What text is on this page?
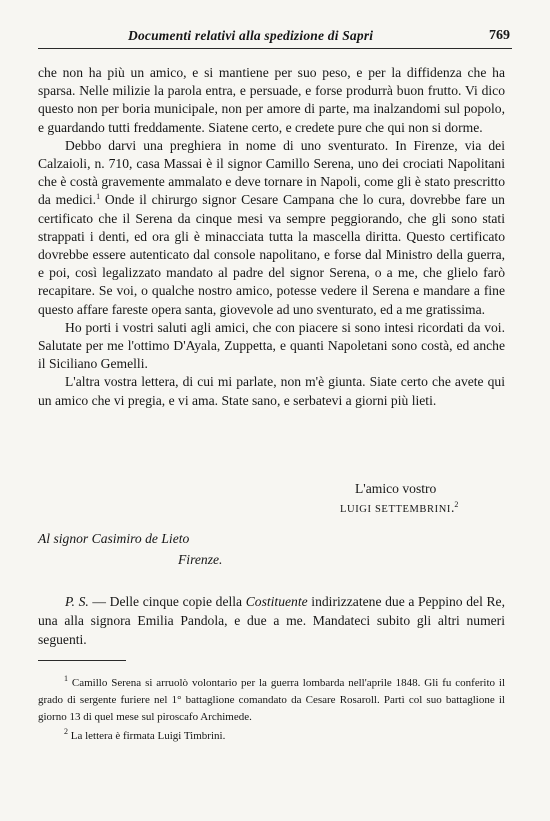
Documenti relativi alla spedizione di Sapri	769

che non ha più un amico, e si mantiene per suo peso, e per la diffidenza che ha sparsa. Nelle milizie la parola entra, e persuade, e forse produrrà buon frutto. Vi dico questo non per boria municipale, non per amore di parte, ma inalzandomi sul popolo, e guardando tutti freddamente. Siatene certo, e credete pure che qui non si dorme.

Debbo darvi una preghiera in nome di uno sventurato. In Firenze, via dei Calzaioli, n. 710, casa Massai è il signor Camillo Serena, uno dei crociati Napolitani che è costà gravemente ammalato e deve tornare in Napoli, come gli è stato prescritto da medici.$^1$ Onde il chirurgo signor Cesare Campana che lo cura, dovrebbe fare un certificato che il Serena da cinque mesi va sempre peggiorando, che gli sono stati strappati i denti, ed ora gli è minacciata tutta la mascella diritta. Questo certificato dovrebbe essere autenticato dal console napolitano, e forse dal Ministro della guerra, e poi, così legalizzato mandato al padre del signor Serena, o a me, che glielo farò recapitare. Se voi, o qualche nostro amico, potesse vedere il Serena e mandare a fine questo affare fareste opera santa, giovevole ad uno sventurato, ed a me gratissima.

Ho porti i vostri saluti agli amici, che con piacere si sono intesi ricordati da voi. Salutate per me l'ottimo D'Ayala, Zuppetta, e quanti Napoletani sono costà, ed anche il Siciliano Gemelli.

L'altra vostra lettera, di cui mi parlate, non m'è giunta. Siate certo che avete qui un amico che vi pregia, e vi ama. State sano, e serbatevi a giorni più lieti.

L'amico vostro
LUIGI SETTEMBRINI.$^2$
Al signor Casimiro de Lieto
Firenze.

P. S. — Delle cinque copie della Costituente indirizzatene due a Peppino del Re, una alla signora Emilia Pandola, e due a me. Mandateci subito gli altri numeri seguenti.

$^1$ Camillo Serena si arruolò volontario per la guerra lombarda nell'aprile 1848. Gli fu conferito il grado di sergente furiere nel 1° battaglione comandato da Cesare Rosaroll. Partì col suo battaglione il giorno 13 di quel mese sul piroscafo Archimede.

$^2$ La lettera è firmata Luigi Timbrini.
